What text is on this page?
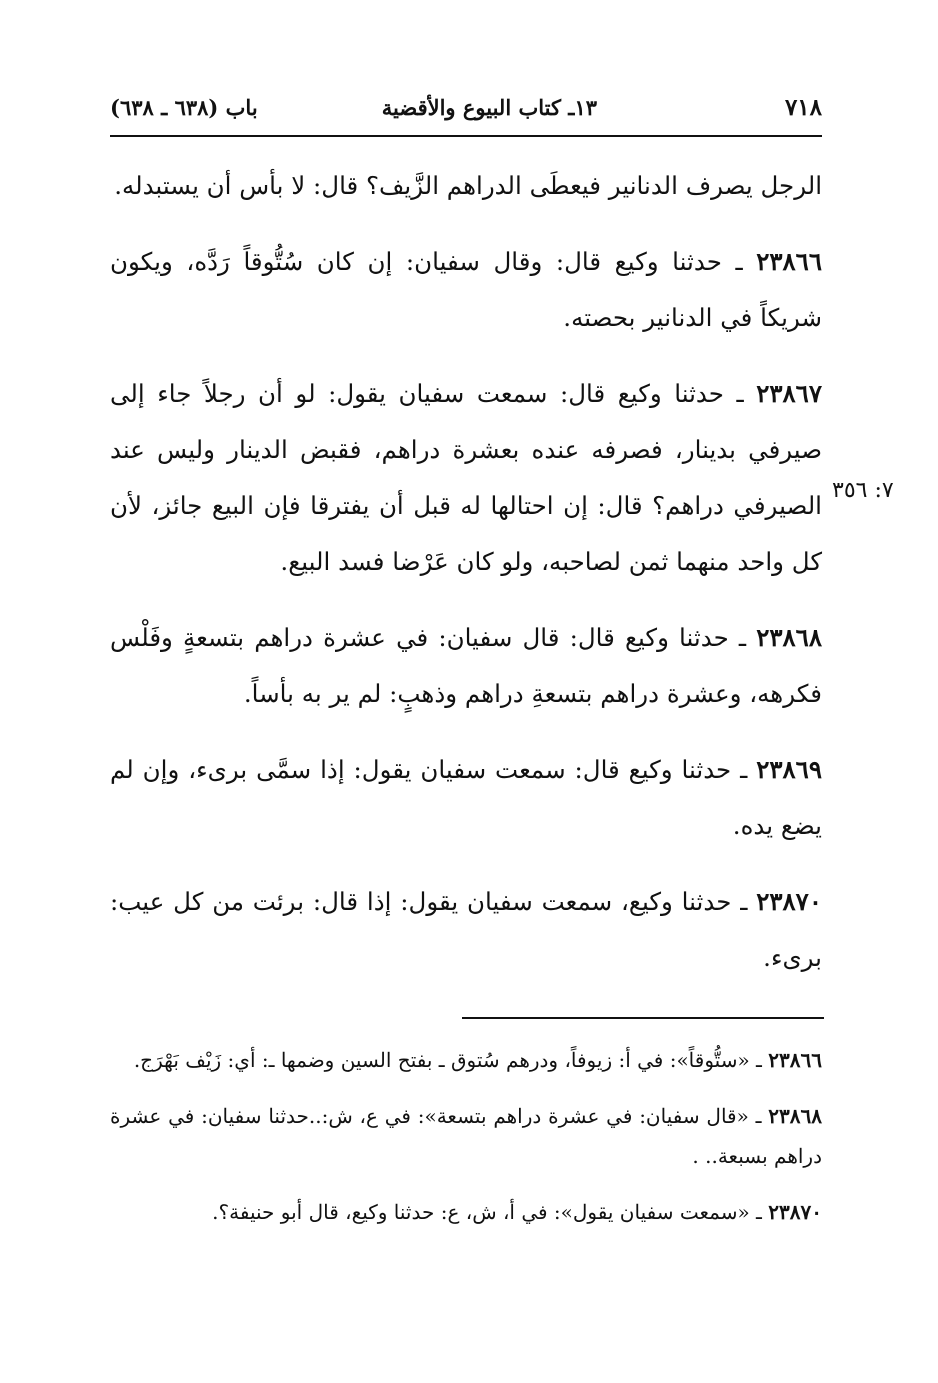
٧١٨
١٣ـ كتاب البيوع والأقضية
باب (٦٣٨ ـ ٦٣٨)
٧: ٣٥٦

الرجل يصرف الدنانير فيعطَى الدراهم الزَّيف؟ قال: لا بأس أن يستبدله.

٢٣٨٦٦ ـ حدثنا وكيع قال: وقال سفيان: إن كان سُتُّوقاً رَدَّه، ويكون شريكاً في الدنانير بحصته.

٢٣٨٦٧ ـ حدثنا وكيع قال: سمعت سفيان يقول: لو أن رجلاً جاء إلى صيرفي بدينار، فصرفه عنده بعشرة دراهم، فقبض الدينار وليس عند الصيرفي دراهم؟ قال: إن احتالها له قبل أن يفترقا فإن البيع جائز، لأن كل واحد منهما ثمن لصاحبه، ولو كان عَرْضا فسد البيع.

٢٣٨٦٨ ـ حدثنا وكيع قال: قال سفيان: في عشرة دراهم بتسعةٍ وفَلْس فكرهه، وعشرة دراهم بتسعةِ دراهم وذهبٍ: لم ير به بأساً.

٢٣٨٦٩ ـ حدثنا وكيع قال: سمعت سفيان يقول: إذا سمَّى برىء، وإن لم يضع يده.

٢٣٨٧٠ ـ حدثنا وكيع، سمعت سفيان يقول: إذا قال: برئت من كل عيب: برىء.

٢٣٨٦٦ ـ «ستُّوقاً»: في أ: زيوفاً، ودرهم سُتوق ـ بفتح السين وضمها ـ: أي: زَيْف بَهْرَج.

٢٣٨٦٨ ـ «قال سفيان: في عشرة دراهم بتسعة»: في ع، ش:..حدثنا سفيان: في عشرة دراهم بسبعة.. .

٢٣٨٧٠ ـ «سمعت سفيان يقول»: في أ، ش، ع: حدثنا وكيع، قال أبو حنيفة؟.
